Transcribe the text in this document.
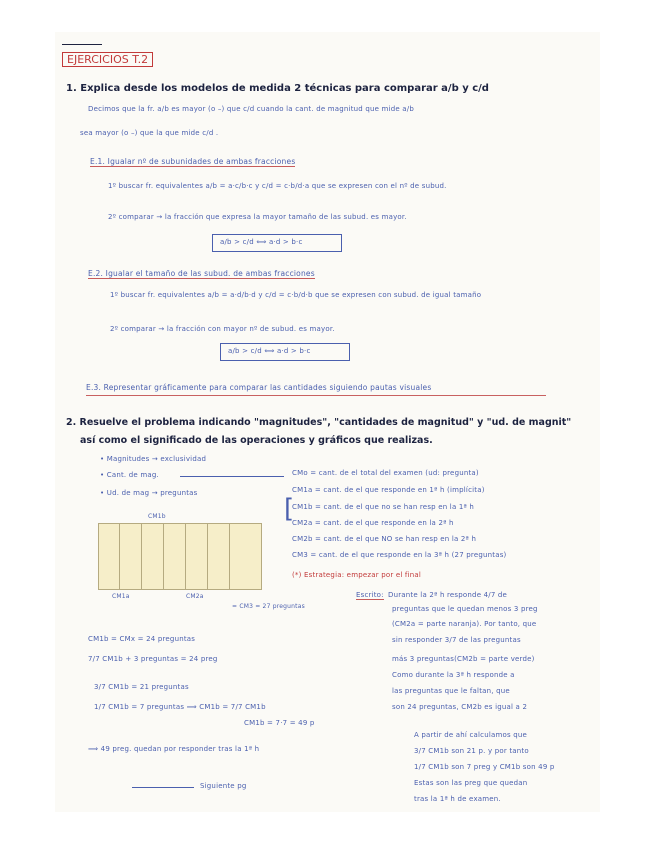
EJERCICIOS T.2
1. Explica desde los modelos de medida 2 técnicas para comparar a/b y c/d
Decimos que la fr. a/b es mayor (o –) que c/d cuando la cant. de magnitud que mide a/b
sea mayor (o –) que la que mide c/d .
E.1. Igualar nº de subunidades de ambas fracciones
1º buscar fr. equivalentes a/b = a·c/b·c y c/d = c·b/d·a que se expresen con el nº de subud.
2º comparar → la fracción que expresa la mayor tamaño de las subud. es mayor.
a/b > c/d ⟺ a·d > b·c
E.2. Igualar el tamaño de las subud. de ambas fracciones
1º buscar fr. equivalentes a/b = a·d/b·d y c/d = c·b/d·b que se expresen con subud. de igual tamaño
2º comparar → la fracción con mayor nº de subud. es mayor.
a/b > c/d ⟺ a·d > b·c
E.3. Representar gráficamente para comparar las cantidades siguiendo pautas visuales
2. Resuelve el problema indicando "magnitudes", "cantidades de magnitud" y "ud. de magnit"
así como el significado de las operaciones y gráficos que realizas.
• Magnitudes → exclusividad
• Cant. de mag.
• Ud. de mag → preguntas
[
CMo = cant. de el total del examen (ud: pregunta)
CM1a = cant. de el que responde en 1ª h (implícita)
CM1b = cant. de el que no se han resp en la 1ª h
CM2a = cant. de el que responde en la 2ª h
CM2b = cant. de el que NO se han resp en la 2ª h
CM3 = cant. de el que responde en la 3ª h (27 preguntas)
(*) Estrategia: empezar por el final
CM1b
CM1a	CM2a
= CM3 = 27 preguntas
CM1b = CMx = 24 preguntas
7/7 CM1b + 3 preguntas = 24 preg
3/7 CM1b = 21 preguntas
1/7 CM1b = 7 preguntas ⟹ CM1b = 7/7 CM1b
CM1b = 7·7 = 49 p
⟹ 49 preg. quedan por responder tras la 1ª h
Siguiente pg
Escrito: Durante la 2ª h responde 4/7 de
preguntas que le quedan menos 3 preg
(CM2a = parte naranja). Por tanto, que
sin responder 3/7 de las preguntas
más 3 preguntas(CM2b = parte verde)
Como durante la 3ª h responde a
las preguntas que le faltan, que
son 24 preguntas, CM2b es igual a 2
A partir de ahí calculamos que
3/7 CM1b son 21 p. y por tanto
1/7 CM1b son 7 preg y CM1b son 49 p
Estas son las preg que quedan
tras la 1ª h de examen.
